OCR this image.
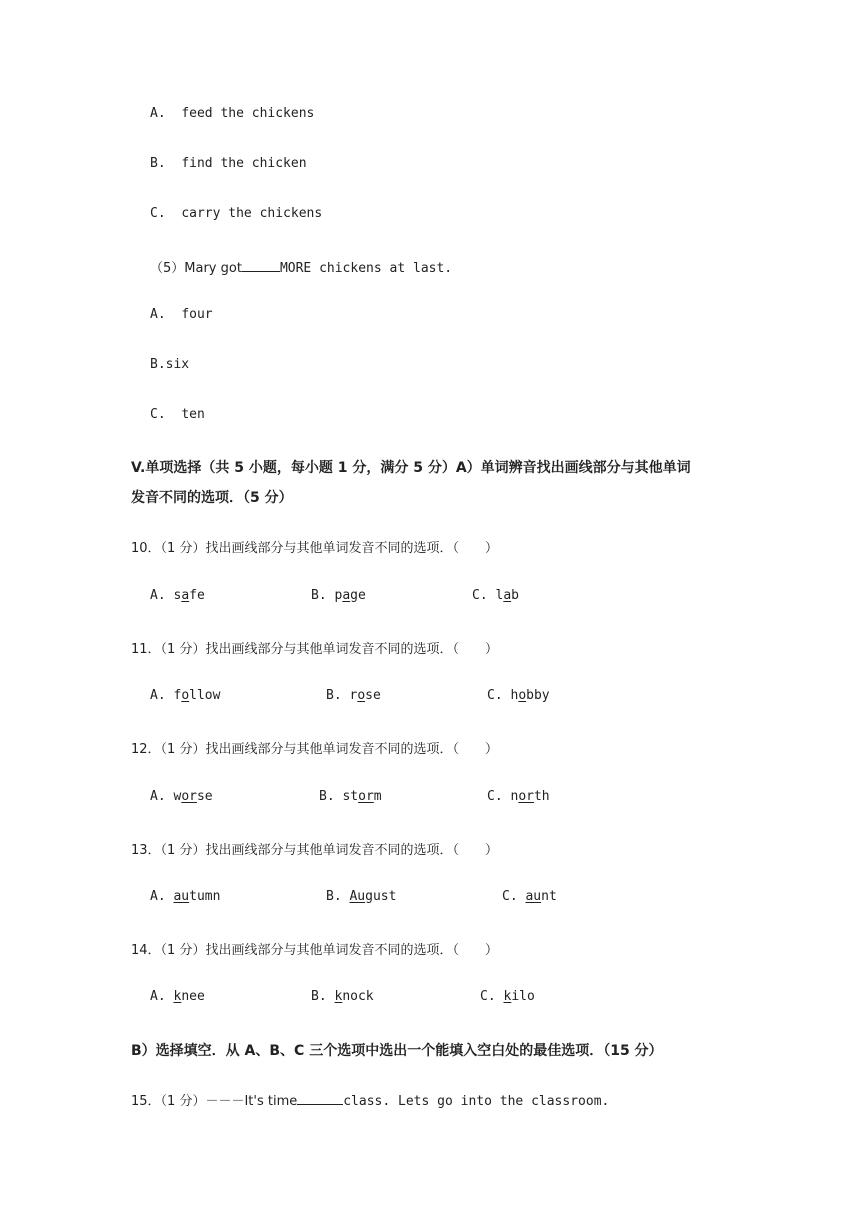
A. feed the chickens
B. find the chicken
C. carry the chickens
（5）Mary got	MORE chickens at last.
A. four
B.six
C. ten
V.单项选择（共 5 小题，每小题 1 分，满分 5 分）A）单词辨音找出画线部分与其他单词
发音不同的选项．（5 分）
10．（1 分）找出画线部分与其他单词发音不同的选项．（　　）
A. safe	B. page	C. lab
11．（1 分）找出画线部分与其他单词发音不同的选项．（　　）
A. follow	B. rose	C. hobby
12．（1 分）找出画线部分与其他单词发音不同的选项．（　　）
A. worse	B. storm	C. north
13．（1 分）找出画线部分与其他单词发音不同的选项．（　　）
A. autumn	B. August	C. aunt
14．（1 分）找出画线部分与其他单词发音不同的选项．（　　）
A. knee	B. knock	C. kilo
B）选择填空．从 A、B、C 三个选项中选出一个能填入空白处的最佳选项．（15 分）
15．（1 分）－－－It's time	class. Lets go into the classroom.
